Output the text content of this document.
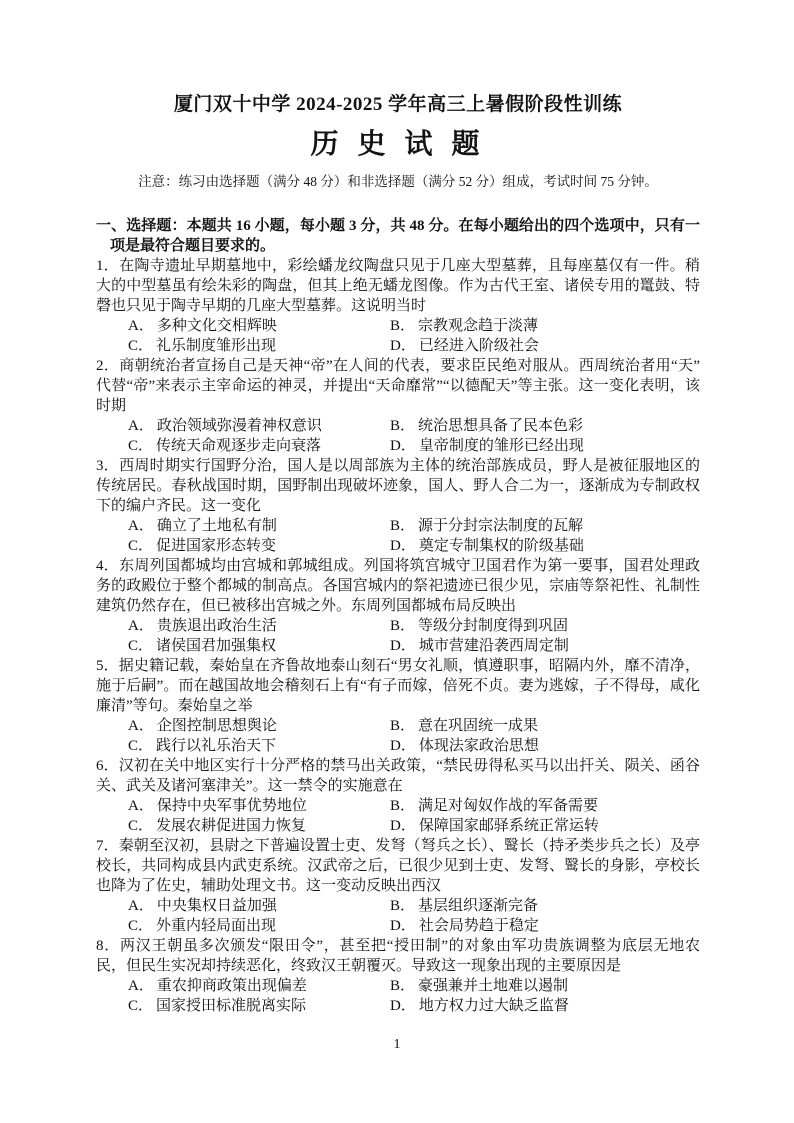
厦门双十中学 2024-2025 学年高三上暑假阶段性训练

历 史 试 题

注意：练习由选择题（满分 48 分）和非选择题（满分 52 分）组成，考试时间 75 分钟。

一、选择题：本题共 16 小题，每小题 3 分，共 48 分。在每小题给出的四个选项中，只有一项是最符合题目要求的。

1．在陶寺遗址早期墓地中，彩绘蟠龙纹陶盘只见于几座大型墓葬，且每座墓仅有一件。稍大的中型墓虽有绘朱彩的陶盘，但其上绝无蟠龙图像。作为古代王室、诸侯专用的鼍鼓、特磬也只见于陶寺早期的几座大型墓葬。这说明当时

A． 多种文化交相辉映	B． 宗教观念趋于淡薄
C． 礼乐制度雏形出现	D． 已经进入阶级社会

2．商朝统治者宣扬自己是天神“帝”在人间的代表，要求臣民绝对服从。西周统治者用“天”代替“帝”来表示主宰命运的神灵，并提出“天命靡常”“以德配天”等主张。这一变化表明，该时期

A． 政治领域弥漫着神权意识	B． 统治思想具备了民本色彩
C． 传统天命观逐步走向衰落	D． 皇帝制度的雏形已经出现

3．西周时期实行国野分治，国人是以周部族为主体的统治部族成员，野人是被征服地区的传统居民。春秋战国时期，国野制出现破坏迹象，国人、野人合二为一，逐渐成为专制政权下的编户齐民。这一变化

A． 确立了土地私有制	B． 源于分封宗法制度的瓦解
C． 促进国家形态转变	D． 奠定专制集权的阶级基础

4．东周列国都城均由宫城和郭城组成。列国将筑宫城守卫国君作为第一要事，国君处理政务的政殿位于整个都城的制高点。各国宫城内的祭祀遗迹已很少见，宗庙等祭祀性、礼制性建筑仍然存在，但已被移出宫城之外。东周列国都城布局反映出

A． 贵族退出政治生活	B． 等级分封制度得到巩固
C． 诸侯国君加强集权	D． 城市营建沿袭西周定制

5．据史籍记载，秦始皇在齐鲁故地泰山刻石“男女礼顺，慎遵职事，昭隔内外，靡不清净，施于后嗣”。而在越国故地会稽刻石上有“有子而嫁，倍死不贞。妻为逃嫁，子不得母，咸化廉清”等句。秦始皇之举

A． 企图控制思想舆论	B． 意在巩固统一成果
C． 践行以礼乐治天下	D． 体现法家政治思想

6．汉初在关中地区实行十分严格的禁马出关政策，“禁民毋得私买马以出扞关、陨关、函谷关、武关及诸河塞津关”。这一禁令的实施意在

A． 保持中央军事优势地位	B． 满足对匈奴作战的军备需要
C． 发展农耕促进国力恢复	D． 保障国家邮驿系统正常运转

7．秦朝至汉初，县尉之下普遍设置士吏、发弩（弩兵之长）、鹥长（持矛类步兵之长）及亭校长，共同构成县内武吏系统。汉武帝之后，已很少见到士吏、发弩、鹥长的身影，亭校长也降为了佐史，辅助处理文书。这一变动反映出西汉

A． 中央集权日益加强	B． 基层组织逐渐完备
C． 外重内轻局面出现	D． 社会局势趋于稳定

8．两汉王朝虽多次颁发“限田令”，甚至把“授田制”的对象由军功贵族调整为底层无地农民，但民生实况却持续恶化，终致汉王朝覆灭。导致这一现象出现的主要原因是

A． 重农抑商政策出现偏差	B． 豪强兼并土地难以遏制
C． 国家授田标准脱离实际	D． 地方权力过大缺乏监督
1
